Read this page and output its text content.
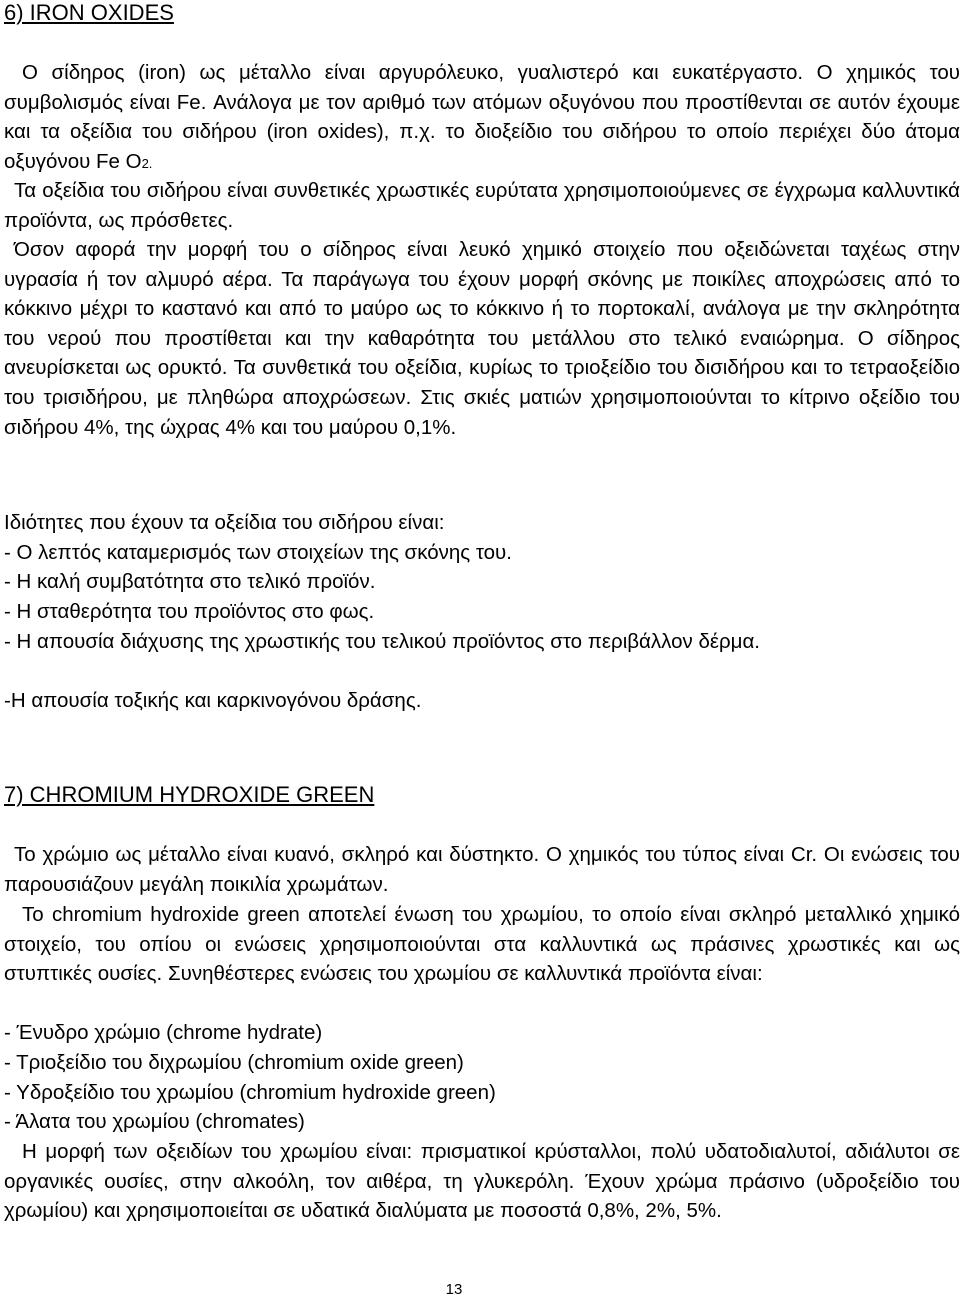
6) IRON OXIDES

Ο σίδηρος (iron) ως μέταλλο είναι αργυρόλευκο, γυαλιστερό και ευκατέργαστο. Ο χημικός του συμβολισμός είναι Fe. Ανάλογα με τον αριθμό των ατόμων οξυγόνου που προστίθενται σε αυτόν έχουμε και τα οξείδια του σιδήρου (iron oxides), π.χ. το διοξείδιο του σιδήρου το οποίο περιέχει δύο άτομα οξυγόνου Fe O2.

Τα οξείδια του σιδήρου είναι συνθετικές χρωστικές ευρύτατα χρησιμοποιούμενες σε έγχρωμα καλλυντικά προϊόντα, ως πρόσθετες.

Όσον αφορά την μορφή του ο σίδηρος είναι λευκό χημικό στοιχείο που οξειδώνεται ταχέως στην υγρασία ή τον αλμυρό αέρα. Τα παράγωγα του έχουν μορφή σκόνης με ποικίλες αποχρώσεις από το κόκκινο μέχρι το καστανό και από το μαύρο ως το κόκκινο ή το πορτοκαλί, ανάλογα με την σκληρότητα του νερού που προστίθεται και την καθαρότητα του μετάλλου στο τελικό εναιώρημα. Ο σίδηρος ανευρίσκεται ως ορυκτό. Τα συνθετικά του οξείδια, κυρίως το τριοξείδιο του δισιδήρου και το τετραοξείδιο του τρισιδήρου, με πληθώρα αποχρώσεων. Στις σκιές ματιών χρησιμοποιούνται το κίτρινο οξείδιο του σιδήρου 4%, της ώχρας 4% και του μαύρου 0,1%.

Ιδιότητες που έχουν τα οξείδια του σιδήρου είναι:
- Ο λεπτός καταμερισμός των στοιχείων της σκόνης του.
- Η καλή συμβατότητα στο τελικό προϊόν.
- Η σταθερότητα του προϊόντος στο φως.
- Η απουσία διάχυσης της χρωστικής του τελικού προϊόντος στο περιβάλλον δέρμα.
-Η απουσία τοξικής και καρκινογόνου δράσης.
7) CHROMIUM HYDROXIDE GREEN

Το χρώμιο ως μέταλλο είναι κυανό, σκληρό και δύστηκτο. Ο χημικός του τύπος είναι Cr. Οι ενώσεις του παρουσιάζουν μεγάλη ποικιλία χρωμάτων.

Το chromium hydroxide green αποτελεί ένωση του χρωμίου, το οποίο είναι σκληρό μεταλλικό χημικό στοιχείο, του οπίου οι ενώσεις χρησιμοποιούνται στα καλλυντικά ως πράσινες χρωστικές και ως στυπτικές ουσίες. Συνηθέστερες ενώσεις του χρωμίου σε καλλυντικά προϊόντα είναι:

- Ένυδρο χρώμιο (chrome hydrate)
- Τριοξείδιο του διχρωμίου (chromium oxide green)
- Υδροξείδιο του χρωμίου (chromium hydroxide green)
- Άλατα του χρωμίου (chromates)

Η μορφή των οξειδίων του χρωμίου είναι: πρισματικοί κρύσταλλοι, πολύ υδατοδιαλυτοί, αδιάλυτοι σε οργανικές ουσίες, στην αλκοόλη, τον αιθέρα, τη γλυκερόλη. Έχουν χρώμα πράσινο (υδροξείδιο του χρωμίου) και χρησιμοποιείται σε υδατικά διαλύματα με ποσοστά 0,8%, 2%, 5%.

13
